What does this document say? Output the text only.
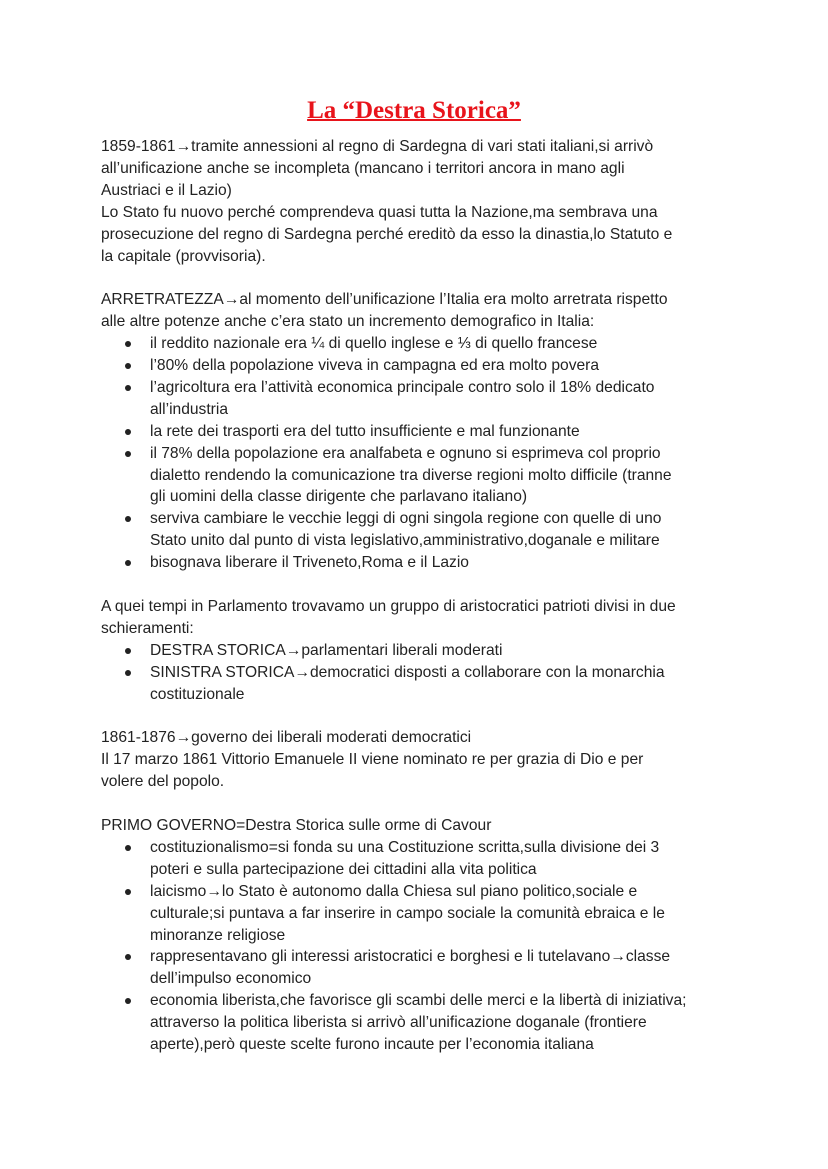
La “Destra Storica”
1859-1861→tramite annessioni al regno di Sardegna di vari stati italiani,si arrivò
all’unificazione anche se incompleta (mancano i territori ancora in mano agli
Austriaci e il Lazio)
Lo Stato fu nuovo perché comprendeva quasi tutta la Nazione,ma sembrava una
prosecuzione del regno di Sardegna perché ereditò da esso la dinastia,lo Statuto e
la capitale (provvisoria).
ARRETRATEZZA→al momento dell’unificazione l’Italia era molto arretrata rispetto
alle altre potenze anche c’era stato un incremento demografico in Italia:
il reddito nazionale era ¼ di quello inglese e ⅓ di quello francese
l’80% della popolazione viveva in campagna ed era molto povera
l’agricoltura era l’attività economica principale contro solo il 18% dedicato
all’industria
la rete dei trasporti era del tutto insufficiente e mal funzionante
il 78% della popolazione era analfabeta e ognuno si esprimeva col proprio
dialetto rendendo la comunicazione tra diverse regioni molto difficile (tranne
gli uomini della classe dirigente che parlavano italiano)
serviva cambiare le vecchie leggi di ogni singola regione con quelle di uno
Stato unito dal punto di vista legislativo,amministrativo,doganale e militare
bisognava liberare il Triveneto,Roma e il Lazio
A quei tempi in Parlamento trovavamo un gruppo di aristocratici patrioti divisi in due
schieramenti:
DESTRA STORICA→parlamentari liberali moderati
SINISTRA STORICA→democratici disposti a collaborare con la monarchia
costituzionale
1861-1876→governo dei liberali moderati democratici
Il 17 marzo 1861 Vittorio Emanuele II viene nominato re per grazia di Dio e per
volere del popolo.
PRIMO GOVERNO=Destra Storica sulle orme di Cavour
costituzionalismo=si fonda su una Costituzione scritta,sulla divisione dei 3
poteri e sulla partecipazione dei cittadini alla vita politica
laicismo→lo Stato è autonomo dalla Chiesa sul piano politico,sociale e
culturale;si puntava a far inserire in campo sociale la comunità ebraica e le
minoranze religiose
rappresentavano gli interessi aristocratici e borghesi e li tutelavano→classe
dell’impulso economico
economia liberista,che favorisce gli scambi delle merci e la libertà di iniziativa;
attraverso la politica liberista si arrivò all’unificazione doganale (frontiere
aperte),però queste scelte furono incaute per l’economia italiana
